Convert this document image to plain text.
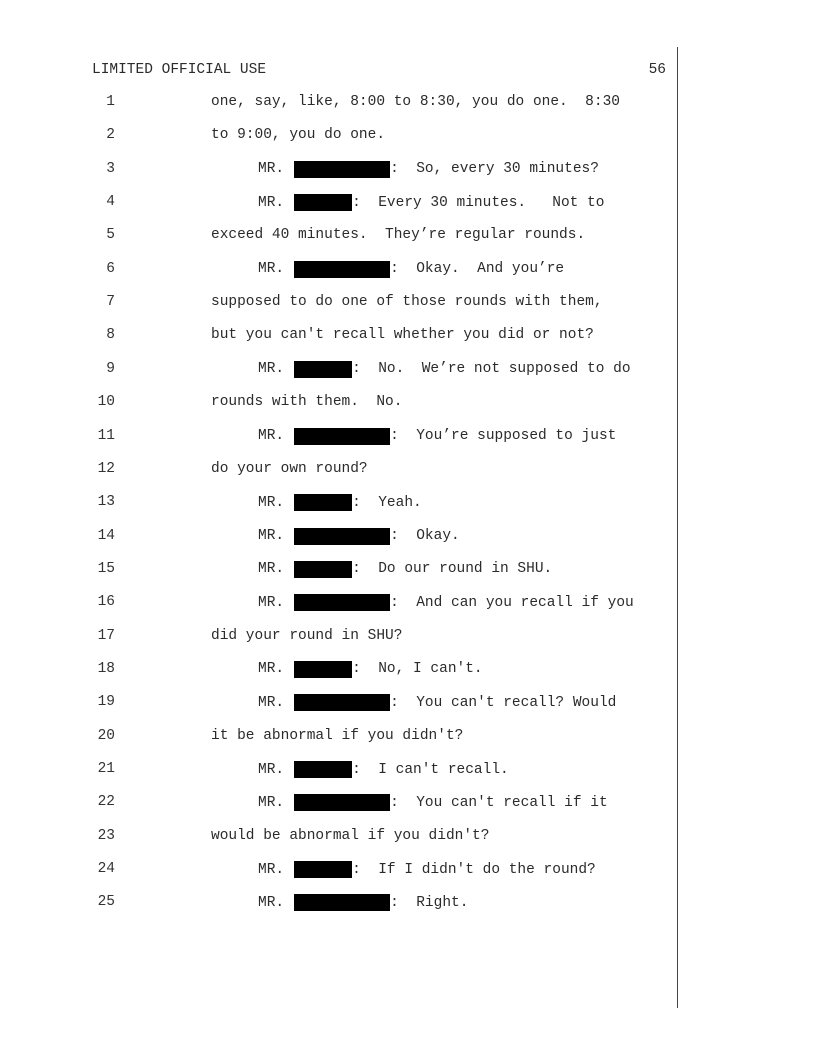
LIMITED OFFICIAL USE	56
1	one, say, like, 8:00 to 8:30, you do one.  8:30
2	to 9:00, you do one.
3	MR.
	:  So, every 30 minutes?
4	MR.
	:  Every 30 minutes.   Not to
5	exceed 40 minutes.  They’re regular rounds.
6	MR.
	:  Okay.  And you’re
7	supposed to do one of those rounds with them,
8	but you can't recall whether you did or not?
9	MR.
	:  No.  We’re not supposed to do
10	rounds with them.  No.
11	MR.
	:  You’re supposed to just
12	do your own round?
13	MR.
	:  Yeah.
14	MR.
	:  Okay.
15	MR.
	:  Do our round in SHU.
16	MR.
	:  And can you recall if you
17	did your round in SHU?
18	MR.
	:  No, I can't.
19	MR.
	:  You can't recall? Would
20	it be abnormal if you didn't?
21	MR.
	:  I can't recall.
22	MR.
	:  You can't recall if it
23	would be abnormal if you didn't?
24	MR.
	:  If I didn't do the round?
25	MR.
	:  Right.
